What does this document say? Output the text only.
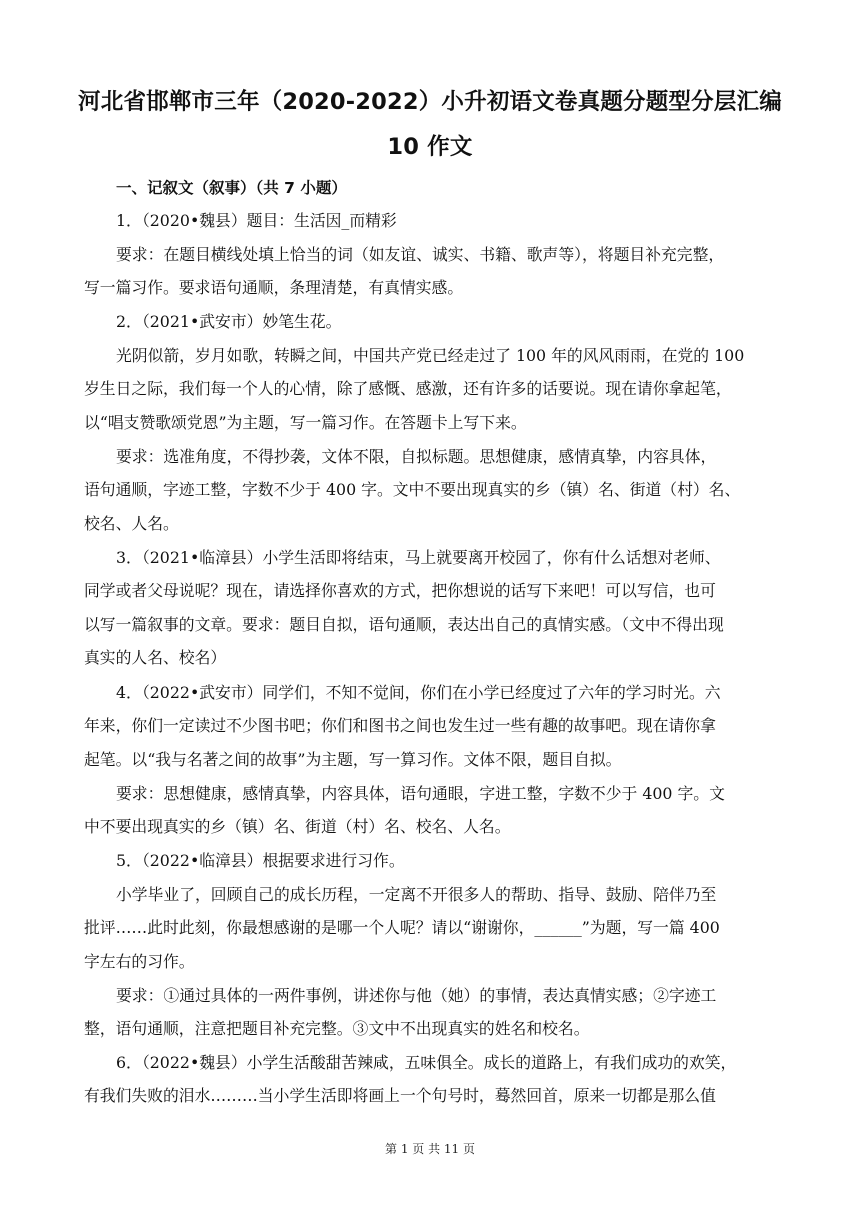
河北省邯郸市三年（2020-2022）小升初语文卷真题分题型分层汇编
10 作文
一、记叙文（叙事）（共 7 小题）
1．（2020•魏县）题目：生活因_而精彩
要求：在题目横线处填上恰当的词（如友谊、诚实、书籍、歌声等），将题目补充完整，
写一篇习作。要求语句通顺，条理清楚，有真情实感。
2．（2021•武安市）妙笔生花。
光阴似箭，岁月如歌，转瞬之间，中国共产党已经走过了 100 年的风风雨雨，在党的 100
岁生日之际，我们每一个人的心情，除了感慨、感激，还有许多的话要说。现在请你拿起笔，
以“唱支赞歌颂党恩”为主题，写一篇习作。在答题卡上写下来。
要求：选准角度，不得抄袭，文体不限，自拟标题。思想健康，感情真挚，内容具体，
语句通顺，字迹工整，字数不少于 400 字。文中不要出现真实的乡（镇）名、街道（村）名、
校名、人名。
3．（2021•临漳县）小学生活即将结束，马上就要离开校园了，你有什么话想对老师、
同学或者父母说呢？现在，请选择你喜欢的方式，把你想说的话写下来吧！可以写信，也可
以写一篇叙事的文章。要求：题目自拟，语句通顺，表达出自己的真情实感。（文中不得出现
真实的人名、校名）
4．（2022•武安市）同学们，不知不觉间，你们在小学已经度过了六年的学习时光。六
年来，你们一定读过不少图书吧；你们和图书之间也发生过一些有趣的故事吧。现在请你拿
起笔。以“我与名著之间的故事”为主题，写一算习作。文体不限，题目自拟。
要求：思想健康，感情真挚，内容具体，语句通眼，字进工整，字数不少于 400 字。文
中不要出现真实的乡（镇）名、街道（村）名、校名、人名。
5．（2022•临漳县）根据要求进行习作。
小学毕业了，回顾自己的成长历程，一定离不开很多人的帮助、指导、鼓励、陪伴乃至
批评……此时此刻，你最想感谢的是哪一个人呢？请以“谢谢你，______”为题，写一篇 400
字左右的习作。
要求：①通过具体的一两件事例，讲述你与他（她）的事情，表达真情实感；②字迹工
整，语句通顺，注意把题目补充完整。③文中不出现真实的姓名和校名。
6．（2022•魏县）小学生活酸甜苦辣咸，五味俱全。成长的道路上，有我们成功的欢笑，
有我们失败的泪水………当小学生活即将画上一个句号时，蓦然回首，原来一切都是那么值
第 1 页 共 11 页
